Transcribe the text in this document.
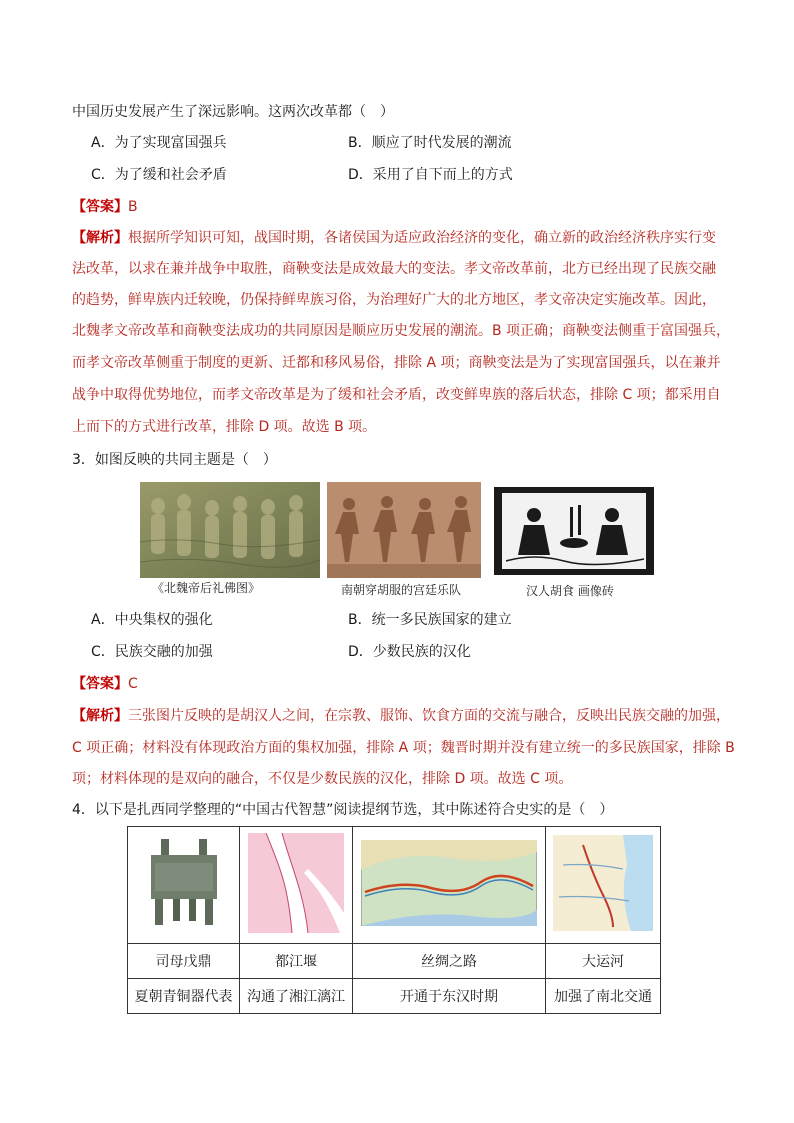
中国历史发展产生了深远影响。这两次改革都（　）
A．为了实现富国强兵	B．顺应了时代发展的潮流
C．为了缓和社会矛盾	D．采用了自下而上的方式
【答案】B
【解析】根据所学知识可知，战国时期，各诸侯国为适应政治经济的变化，确立新的政治经济秩序实行变
法改革，以求在兼并战争中取胜，商鞅变法是成效最大的变法。孝文帝改革前，北方已经出现了民族交融
的趋势，鲜卑族内迁较晚，仍保持鲜卑族习俗，为治理好广大的北方地区，孝文帝决定实施改革。因此，
北魏孝文帝改革和商鞅变法成功的共同原因是顺应历史发展的潮流。B 项正确；商鞅变法侧重于富国强兵，
而孝文帝改革侧重于制度的更新、迁都和移风易俗，排除 A 项；商鞅变法是为了实现富国强兵，以在兼并
战争中取得优势地位，而孝文帝改革是为了缓和社会矛盾，改变鲜卑族的落后状态，排除 C 项；都采用自
上而下的方式进行改革，排除 D 项。故选 B 项。
3．如图反映的共同主题是（　）
《北魏帝后礼佛图》	南朝穿胡服的宫廷乐队	汉人胡食 画像砖
A．中央集权的强化	B．统一多民族国家的建立
C．民族交融的加强	D．少数民族的汉化
【答案】C
【解析】三张图片反映的是胡汉人之间，在宗教、服饰、饮食方面的交流与融合，反映出民族交融的加强，
C 项正确；材料没有体现政治方面的集权加强，排除 A 项；魏晋时期并没有建立统一的多民族国家，排除 B
项；材料体现的是双向的融合，不仅是少数民族的汉化，排除 D 项。故选 C 项。
4．以下是扎西同学整理的“中国古代智慧”阅读提纲节选，其中陈述符合史实的是（　）

司母戊鼎	都江堰	丝绸之路	大运河
夏朝青铜器代表	沟通了湘江漓江	开通于东汉时期	加强了南北交通
